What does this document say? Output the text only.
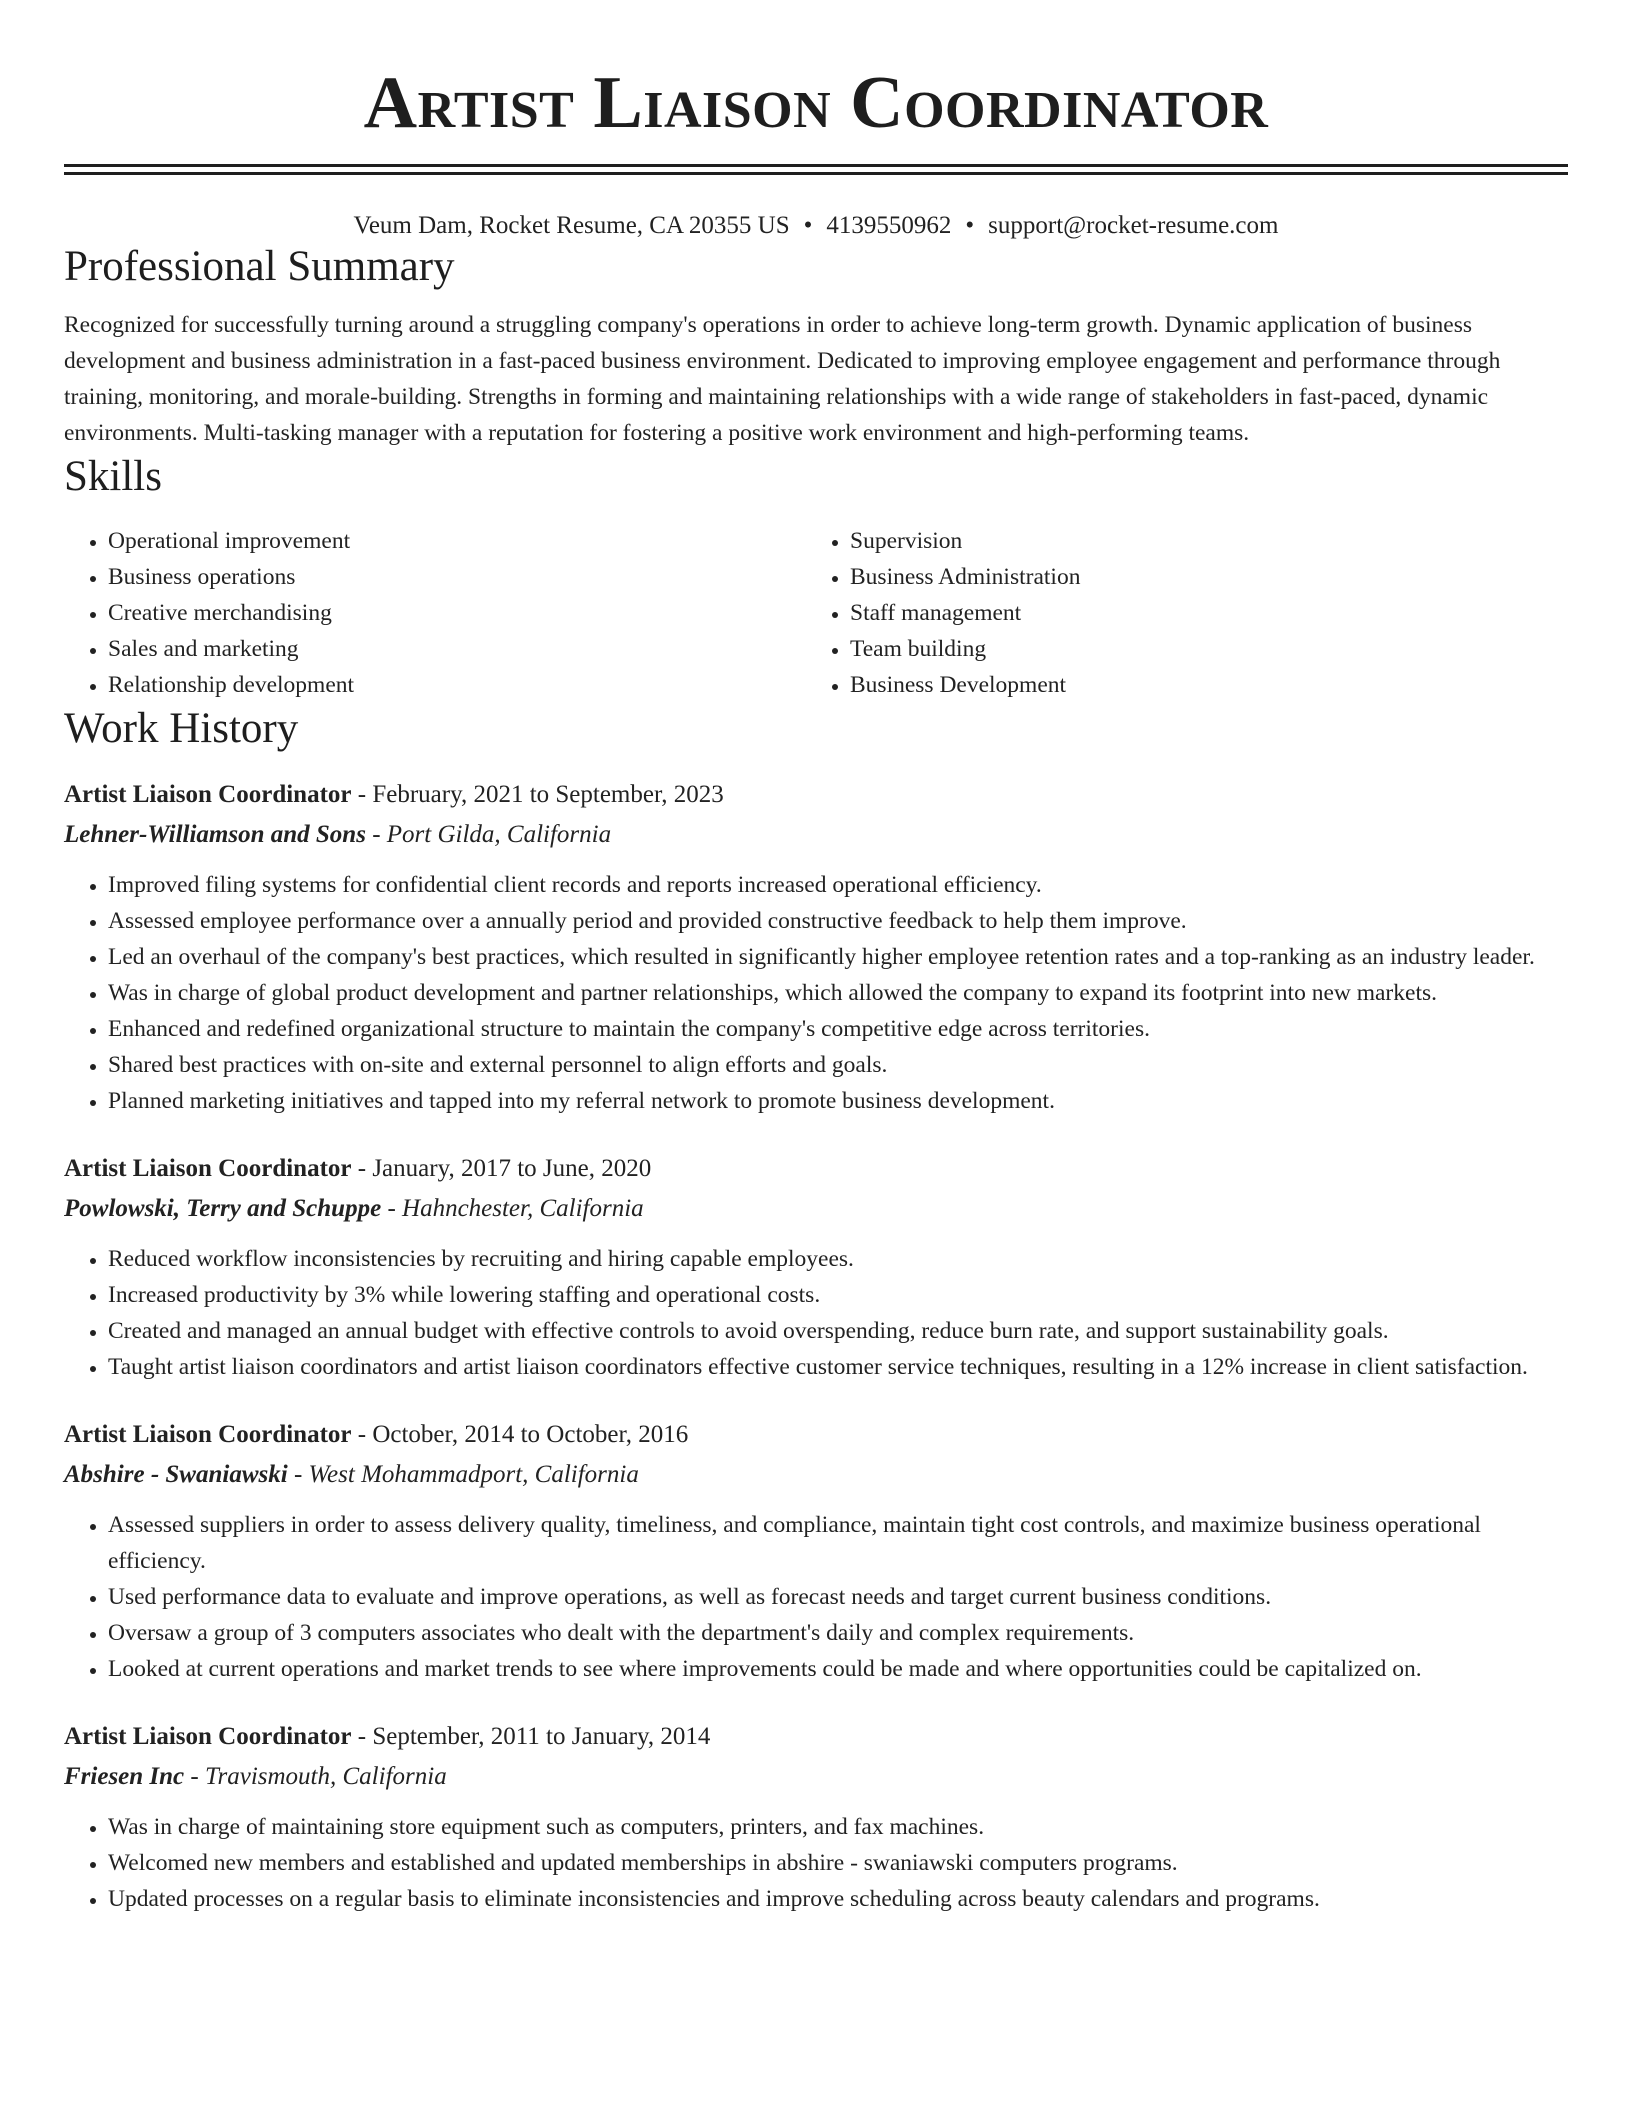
Artist Liaison Coordinator
Veum Dam, Rocket Resume, CA 20355 US • 4139550962 • support@rocket-resume.com
Professional Summary
Recognized for successfully turning around a struggling company's operations in order to achieve long-term growth. Dynamic application of business development and business administration in a fast-paced business environment. Dedicated to improving employee engagement and performance through training, monitoring, and morale-building. Strengths in forming and maintaining relationships with a wide range of stakeholders in fast-paced, dynamic environments. Multi-tasking manager with a reputation for fostering a positive work environment and high-performing teams.
Skills
• Operational improvement
• Business operations
• Creative merchandising
• Sales and marketing
• Relationship development
• Supervision
• Business Administration
• Staff management
• Team building
• Business Development
Work History
Artist Liaison Coordinator - February, 2021 to September, 2023
Lehner-Williamson and Sons - Port Gilda, California
• Improved filing systems for confidential client records and reports increased operational efficiency.
• Assessed employee performance over a annually period and provided constructive feedback to help them improve.
• Led an overhaul of the company's best practices, which resulted in significantly higher employee retention rates and a top-ranking as an industry leader.
• Was in charge of global product development and partner relationships, which allowed the company to expand its footprint into new markets.
• Enhanced and redefined organizational structure to maintain the company's competitive edge across territories.
• Shared best practices with on-site and external personnel to align efforts and goals.
• Planned marketing initiatives and tapped into my referral network to promote business development.
Artist Liaison Coordinator - January, 2017 to June, 2020
Powlowski, Terry and Schuppe - Hahnchester, California
• Reduced workflow inconsistencies by recruiting and hiring capable employees.
• Increased productivity by 3% while lowering staffing and operational costs.
• Created and managed an annual budget with effective controls to avoid overspending, reduce burn rate, and support sustainability goals.
• Taught artist liaison coordinators and artist liaison coordinators effective customer service techniques, resulting in a 12% increase in client satisfaction.
Artist Liaison Coordinator - October, 2014 to October, 2016
Abshire - Swaniawski - West Mohammadport, California
• Assessed suppliers in order to assess delivery quality, timeliness, and compliance, maintain tight cost controls, and maximize business operational efficiency.
• Used performance data to evaluate and improve operations, as well as forecast needs and target current business conditions.
• Oversaw a group of 3 computers associates who dealt with the department's daily and complex requirements.
• Looked at current operations and market trends to see where improvements could be made and where opportunities could be capitalized on.
Artist Liaison Coordinator - September, 2011 to January, 2014
Friesen Inc - Travismouth, California
• Was in charge of maintaining store equipment such as computers, printers, and fax machines.
• Welcomed new members and established and updated memberships in abshire - swaniawski computers programs.
• Updated processes on a regular basis to eliminate inconsistencies and improve scheduling across beauty calendars and programs.
